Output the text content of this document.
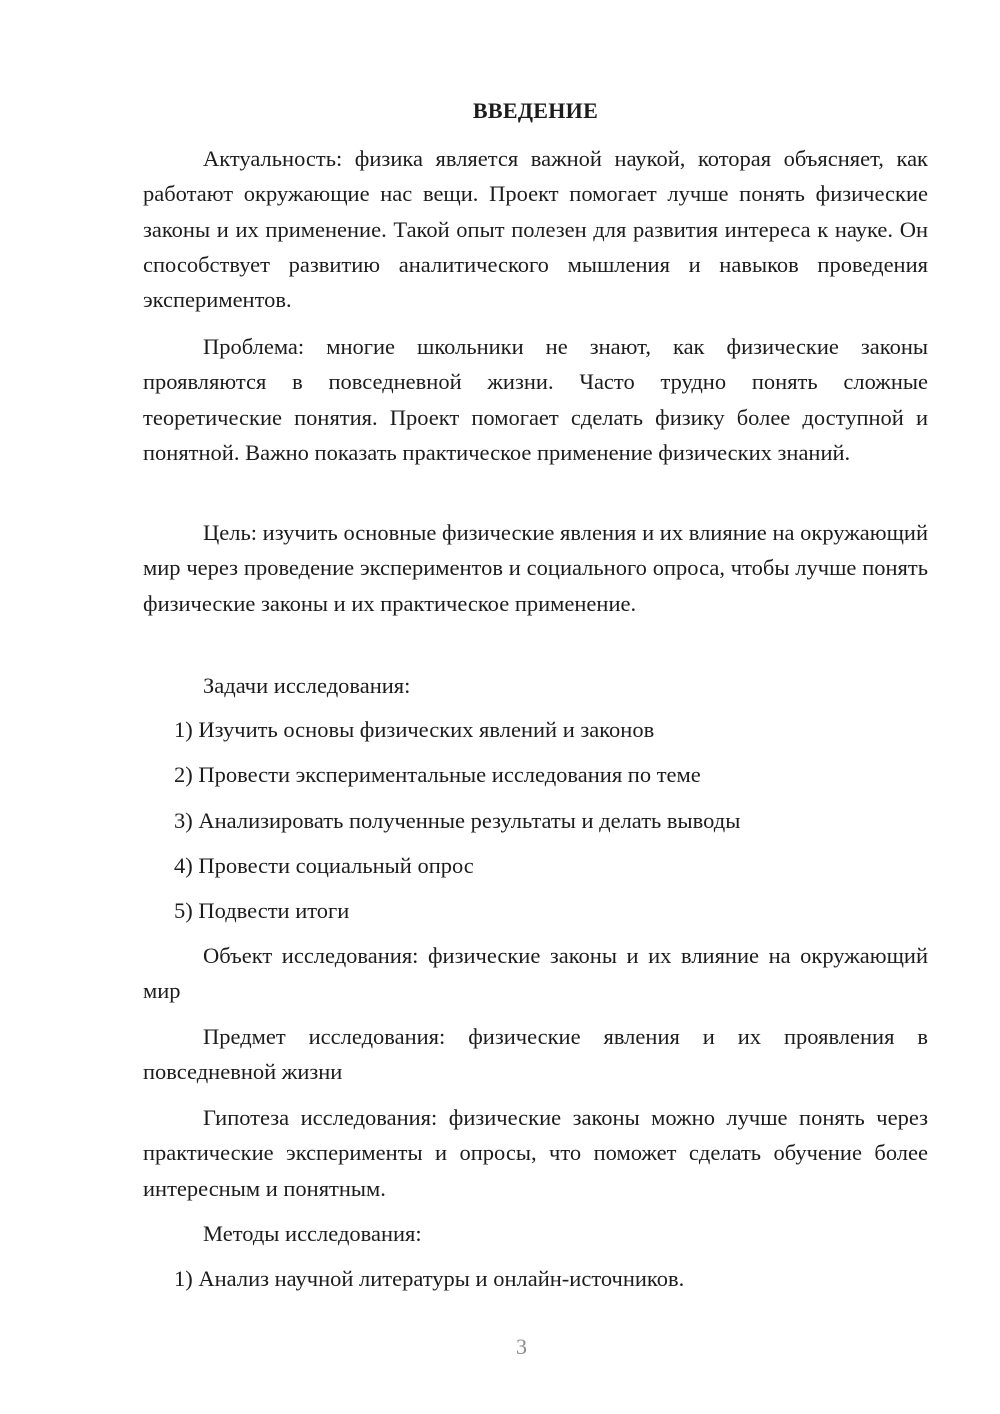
ВВЕДЕНИЕ

Актуальность: физика является важной наукой, которая объясняет, как работают окружающие нас вещи. Проект помогает лучше понять физические законы и их применение. Такой опыт полезен для развития интереса к науке. Он способствует развитию аналитического мышления и навыков проведения экспериментов.

Проблема: многие школьники не знают, как физические законы проявляются в повседневной жизни. Часто трудно понять сложные теоретические понятия. Проект помогает сделать физику более доступной и понятной. Важно показать практическое применение физических знаний.

Цель: изучить основные физические явления и их влияние на окружающий мир через проведение экспериментов и социального опроса, чтобы лучше понять физические законы и их практическое применение.

Задачи исследования:
1) Изучить основы физических явлений и законов
2) Провести экспериментальные исследования по теме
3) Анализировать полученные результаты и делать выводы
4) Провести социальный опрос
5) Подвести итоги

Объект исследования: физические законы и их влияние на окружающий мир

Предмет исследования: физические явления и их проявления в повседневной жизни

Гипотеза исследования: физические законы можно лучше понять через практические эксперименты и опросы, что поможет сделать обучение более интересным и понятным.

Методы исследования:
1) Анализ научной литературы и онлайн-источников.
3
